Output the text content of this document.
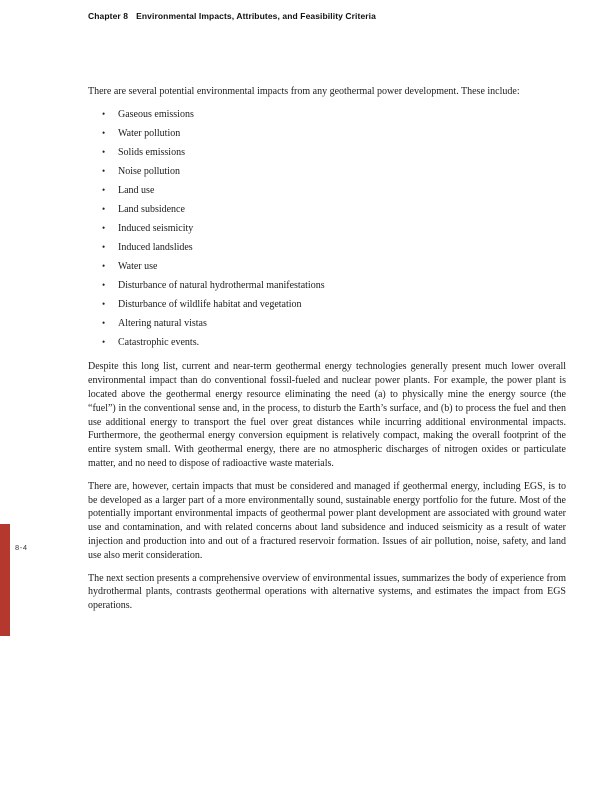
Chapter 8 Environmental Impacts, Attributes, and Feasibility Criteria
8-4

There are several potential environmental impacts from any geothermal power development. These include:

• Gaseous emissions
• Water pollution
• Solids emissions
• Noise pollution
• Land use
• Land subsidence
• Induced seismicity
• Induced landslides
• Water use
• Disturbance of natural hydrothermal manifestations
• Disturbance of wildlife habitat and vegetation
• Altering natural vistas
• Catastrophic events.

Despite this long list, current and near-term geothermal energy technologies generally present much lower overall environmental impact than do conventional fossil-fueled and nuclear power plants. For example, the power plant is located above the geothermal energy resource eliminating the need (a) to physically mine the energy source (the “fuel”) in the conventional sense and, in the process, to disturb the Earth’s surface, and (b) to process the fuel and then use additional energy to transport the fuel over great distances while incurring additional environmental impacts. Furthermore, the geothermal energy conversion equipment is relatively compact, making the overall footprint of the entire system small. With geothermal energy, there are no atmospheric discharges of nitrogen oxides or particulate matter, and no need to dispose of radioactive waste materials.

There are, however, certain impacts that must be considered and managed if geothermal energy, including EGS, is to be developed as a larger part of a more environmentally sound, sustainable energy portfolio for the future. Most of the potentially important environmental impacts of geothermal power plant development are associated with ground water use and contamination, and with related concerns about land subsidence and induced seismicity as a result of water injection and production into and out of a fractured reservoir formation. Issues of air pollution, noise, safety, and land use also merit consideration.

The next section presents a comprehensive overview of environmental issues, summarizes the body of experience from hydrothermal plants, contrasts geothermal operations with alternative systems, and estimates the impact from EGS operations.
